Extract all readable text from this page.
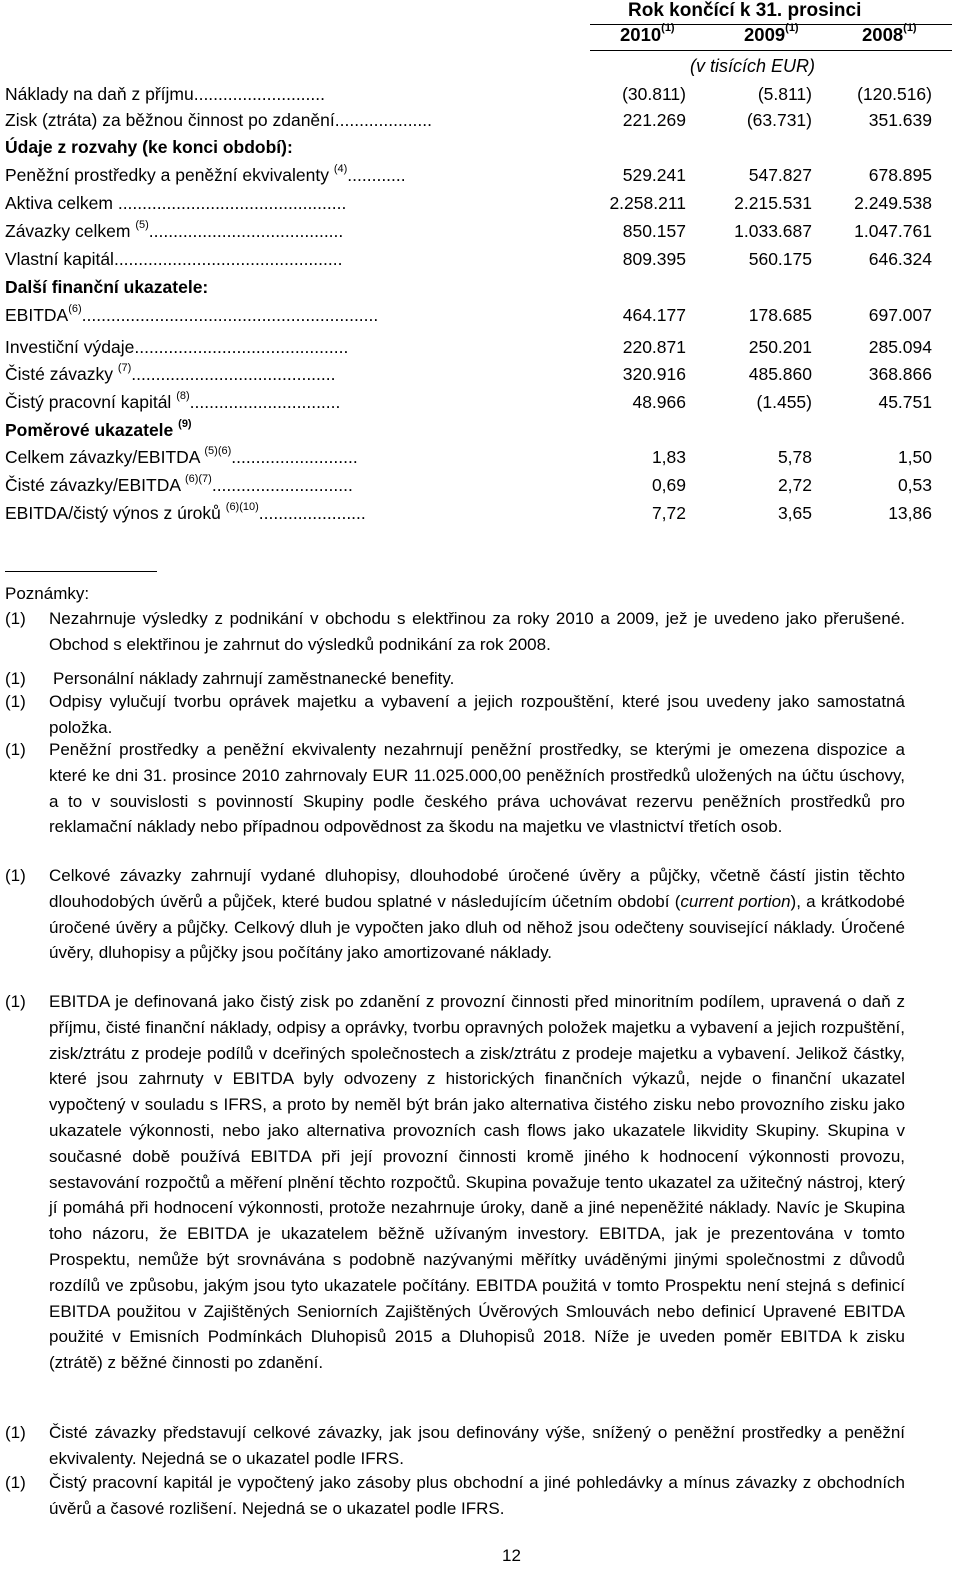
Rok končící k 31. prosinci
2010$^{(1)}$	2009$^{(1)}$	2008$^{(1)}$
(v tisících EUR)
Náklady na daň z příjmu...........................	(30.811)	(5.811)	(120.516)
Zisk (ztráta) za běžnou činnost po zdanění....................	221.269	(63.731)	351.639
Údaje z rozvahy (ke konci období):
Peněžní prostředky a peněžní ekvivalenty $^{(4)}$............	529.241	547.827	678.895
Aktiva celkem ...............................................	2.258.211	2.215.531 2.249.538
Závazky celkem $^{(5)}$........................................	850.157	1.033.687 1.047.761
Vlastní kapitál...............................................	809.395	560.175	646.324
Další finanční ukazatele:
EBITDA$^{(6)}$.............................................................	464.177	178.685	697.007
Investiční výdaje............................................	220.871	250.201	285.094
Čisté závazky $^{(7)}$..........................................	320.916	485.860	368.866
Čistý pracovní kapitál $^{(8)}$...............................	48.966	(1.455)	45.751
Poměrové ukazatele $^{(9)}$
Celkem závazky/EBITDA $^{(5)(6)}$..........................	1,83	5,78	1,50
Čisté závazky/EBITDA $^{(6)(7)}$.............................	0,69	2,72	0,53
EBITDA/čistý výnos z úroků $^{(6)(10)}$......................	7,72	3,65	13,86
Poznámky:
(1) Nezahrnuje výsledky z podnikání v obchodu s elektřinou za roky 2010 a 2009, jež je uvedeno jako přerušené. Obchod s elektřinou je zahrnut do výsledků podnikání za rok 2008.
(1) Personální náklady zahrnují zaměstnanecké benefity.
(1) Odpisy vylučují tvorbu oprávek majetku a vybavení a jejich rozpouštění, které jsou uvedeny jako samostatná položka.
(1) Peněžní prostředky a peněžní ekvivalenty nezahrnují peněžní prostředky, se kterými je omezena dispozice a které ke dni 31. prosince 2010 zahrnovaly EUR 11.025.000,00 peněžních prostředků uložených na účtu úschovy, a to v souvislosti s povinností Skupiny podle českého práva uchovávat rezervu peněžních prostředků pro reklamační náklady nebo případnou odpovědnost za škodu na majetku ve vlastnictví třetích osob.
(1) Celkové závazky zahrnují vydané dluhopisy, dlouhodobé úročené úvěry a půjčky, včetně částí jistin těchto dlouhodobých úvěrů a půjček, které budou splatné v následujícím účetním období (current portion), a krátkodobé úročené úvěry a půjčky. Celkový dluh je vypočten jako dluh od něhož jsou odečteny související náklady. Úročené úvěry, dluhopisy a půjčky jsou počítány jako amortizované náklady.
(1) EBITDA je definovaná jako čistý zisk po zdanění z provozní činnosti před minoritním podílem, upravená o daň z příjmu, čisté finanční náklady, odpisy a oprávky, tvorbu opravných položek majetku a vybavení a jejich rozpuštění, zisk/ztrátu z prodeje podílů v dceřiných společnostech a zisk/ztrátu z prodeje majetku a vybavení. Jelikož částky, které jsou zahrnuty v EBITDA byly odvozeny z historických finančních výkazů, nejde o finanční ukazatel vypočtený v souladu s IFRS, a proto by neměl být brán jako alternativa čistého zisku nebo provozního zisku jako ukazatele výkonnosti, nebo jako alternativa provozních cash flows jako ukazatele likvidity Skupiny. Skupina v současné době používá EBITDA při její provozní činnosti kromě jiného k hodnocení výkonnosti provozu, sestavování rozpočtů a měření plnění těchto rozpočtů. Skupina považuje tento ukazatel za užitečný nástroj, který jí pomáhá při hodnocení výkonnosti, protože nezahrnuje úroky, daně a jiné nepeněžité náklady. Navíc je Skupina toho názoru, že EBITDA je ukazatelem běžně užívaným investory. EBITDA, jak je prezentována v tomto Prospektu, nemůže být srovnávána s podobně nazývanými měřítky uváděnými jinými společnostmi z důvodů rozdílů ve způsobu, jakým jsou tyto ukazatele počítány. EBITDA použitá v tomto Prospektu není stejná s definicí EBITDA použitou v Zajištěných Seniorních Zajištěných Úvěrových Smlouvách nebo definicí Upravené EBITDA použité v Emisních Podmínkách Dluhopisů 2015 a Dluhopisů 2018. Níže je uveden poměr EBITDA k zisku (ztrátě) z běžné činnosti po zdanění.
(1) Čisté závazky představují celkové závazky, jak jsou definovány výše, snížený o peněžní prostředky a peněžní ekvivalenty. Nejedná se o ukazatel podle IFRS.
(1) Čistý pracovní kapitál je vypočtený jako zásoby plus obchodní a jiné pohledávky a mínus závazky z obchodních úvěrů a časové rozlišení. Nejedná se o ukazatel podle IFRS.
12
